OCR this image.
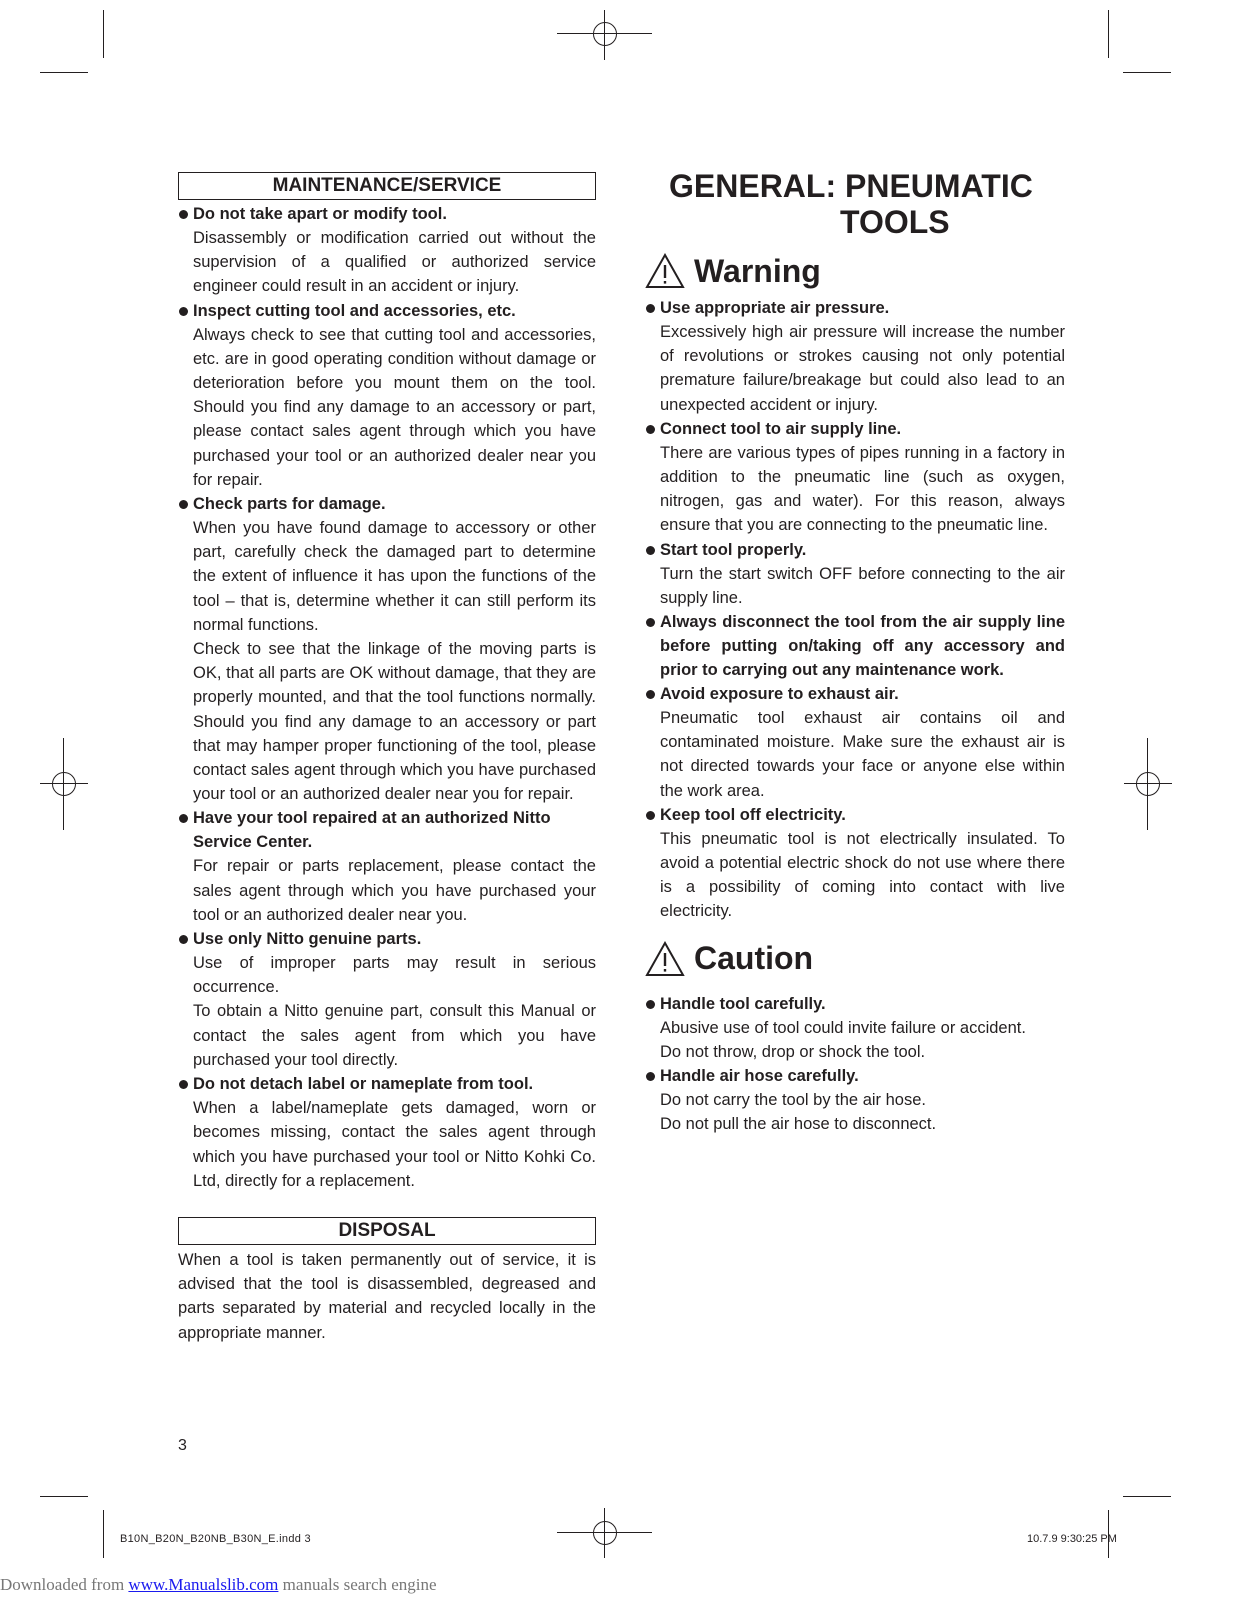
MAINTENANCE/SERVICE
Do not take apart or modify tool.

Disassembly or modification carried out without the supervision of a qualified or authorized service engineer could result in an accident or injury.

Inspect cutting tool and accessories, etc.

Always check to see that cutting tool and accessories, etc. are in good operating condition without damage or deterioration before you mount them on the tool. Should you find any damage to an accessory or part, please contact sales agent through which you have purchased your tool or an authorized dealer near you for repair.

Check parts for damage.

When you have found damage to accessory or other part, carefully check the damaged part to determine the extent of influence it has upon the functions of the tool – that is, determine whether it can still perform its normal functions.

Check to see that the linkage of the moving parts is OK, that all parts are OK without damage, that they are properly mounted, and that the tool functions normally. Should you find any damage to an accessory or part that may hamper proper functioning of the tool, please contact sales agent through which you have purchased your tool or an authorized dealer near you for repair.

Have your tool repaired at an authorized Nitto Service Center.

For repair or parts replacement, please contact the sales agent through which you have purchased your tool or an authorized dealer near you.

Use only Nitto genuine parts.

Use of improper parts may result in serious occurrence.

To obtain a Nitto genuine part, consult this Manual or contact the sales agent from which you have purchased your tool directly.

Do not detach label or nameplate from tool.

When a label/nameplate gets damaged, worn or becomes missing, contact the sales agent through which you have purchased your tool or Nitto Kohki Co. Ltd, directly for a replacement.

DISPOSAL

When a tool is taken permanently out of service, it is advised that the tool is disassembled, degreased and parts separated by material and recycled locally in the appropriate manner.

GENERAL: PNEUMATIC
TOOLS
Warning
Use appropriate air pressure.

Excessively high air pressure will increase the number of revolutions or strokes causing not only potential premature failure/breakage but could also lead to an unexpected accident or injury.

Connect tool to air supply line.

There are various types of pipes running in a factory in addition to the pneumatic line (such as oxygen, nitrogen, gas and water). For this reason, always ensure that you are connecting to the pneumatic line.

Start tool properly.

Turn the start switch OFF before connecting to the air supply line.

Always disconnect the tool from the air supply line before putting on/taking off any accessory and prior to carrying out any maintenance work.
Avoid exposure to exhaust air.

Pneumatic tool exhaust air contains oil and contaminated moisture. Make sure the exhaust air is not directed towards your face or anyone else within the work area.

Keep tool off electricity.

This pneumatic tool is not electrically insulated. To avoid a potential electric shock do not use where there is a possibility of coming into contact with live electricity.

Caution
Handle tool carefully.

Abusive use of tool could invite failure or accident.

Do not throw, drop or shock the tool.

Handle air hose carefully.

Do not carry the tool by the air hose.

Do not pull the air hose to disconnect.

3
B10N_B20N_B20NB_B30N_E.indd 3	10.7.9 9:30:25 PM
Downloaded from www.Manualslib.com manuals search engine
